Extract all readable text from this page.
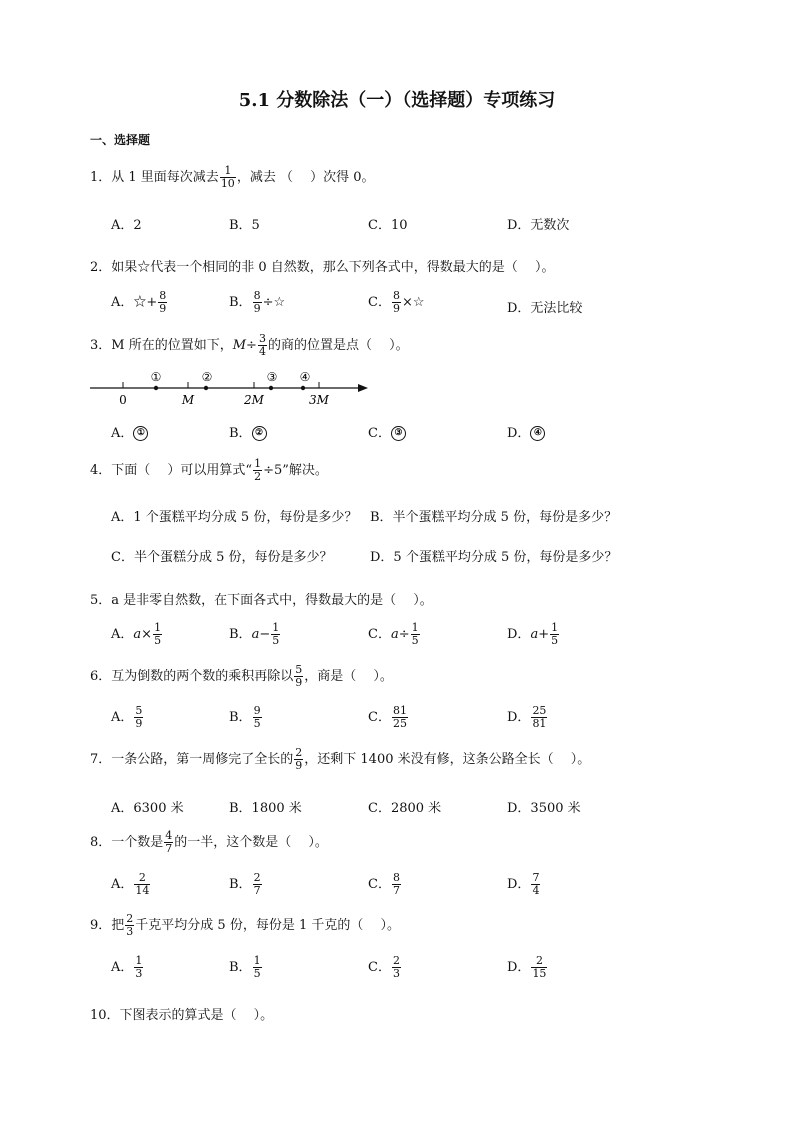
5.1 分数除法（一）（选择题）专项练习
一、选择题
1．从 1 里面每次减去 $\frac{1}{10}$ ，减去 （　 ）次得 0。
A．2	B．5	C．10	D．无数次
2．如果☆代表一个相同的非 0 自然数，那么下列各式中，得数最大的是（　 ）。
A．☆+ $\frac{8}{9}$	B． $\frac{8}{9}$ ÷☆	C． $\frac{8}{9}$ ×☆	D．无法比较
3．M 所在的位置如下，$M\div \frac{3}{4}$ 的商的位置是点（　 ）。
①	②	③ ④
0	M	2M	3M
A． ①	B． ②	C． ③	D． ④
4．下面（　 ）可以用算式“ $\frac{1}{2} \div 5$”解决。
A．1 个蛋糕平均分成 5 份，每份是多少？ B．半个蛋糕平均分成 5 份，每份是多少？
C．半个蛋糕分成 5 份，每份是多少？	D．5 个蛋糕平均分成 5 份，每份是多少？
5．a 是非零自然数，在下面各式中，得数最大的是（　 ）。
A．$a\times \frac{1}{5}$	B．$a- \frac{1}{5}$	C．$a\div \frac{1}{5}$	D．$a+ \frac{1}{5}$
6．互为倒数的两个数的乘积再除以 $\frac{5}{9}$ ，商是（　 ）。
A． $\frac{5}{9}$	B． $\frac{9}{5}$	C． $\frac{81}{25}$	D． $\frac{25}{81}$
7．一条公路，第一周修完了全长的 $\frac{2}{9}$ ，还剩下 1400 米没有修，这条公路全长（　 ）。
A．6300 米	B．1800 米	C．2800 米	D．3500 米
8．一个数是 $\frac{4}{7}$ 的一半，这个数是（　 ）。
A． $\frac{2}{14}$	B． $\frac{2}{7}$	C． $\frac{8}{7}$	D． $\frac{7}{4}$
9．把 $\frac{2}{3}$ 千克平均分成 5 份，每份是 1 千克的（　 ）。
A． $\frac{1}{3}$	B． $\frac{1}{5}$	C． $\frac{2}{3}$	D． $\frac{2}{15}$
10．下图表示的算式是（　 ）。
